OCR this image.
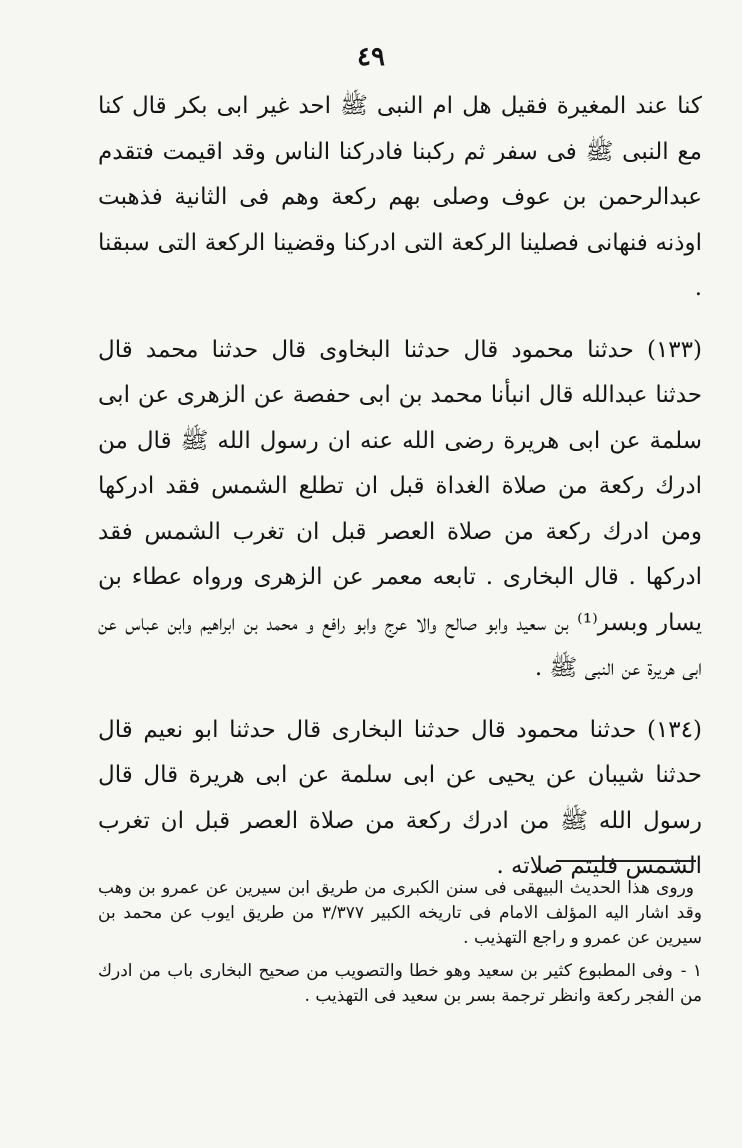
٤٩

كنا عند المغيرة فقيل هل ام النبى ﷺ احد غير ابى بكر قال كنا مع النبى ﷺ فى سفر ثم ركبنا فادركنا الناس وقد اقيمت فتقدم عبدالرحمن بن عوف وصلى بهم ركعة وهم فى الثانية فذهبت اوذنه فنهانى فصلينا الركعة التى ادركنا وقضينا الركعة التى سبقنا .

(١٣٣) حدثنا محمود قال حدثنا البخاوى قال حدثنا محمد قال حدثنا عبدالله قال انبأنا محمد بن ابى حفصة عن الزهرى عن ابى سلمة عن ابى هريرة رضى الله عنه ان رسول الله ﷺ قال من ادرك ركعة من صلاة الغداة قبل ان تطلع الشمس فقد ادركها ومن ادرك ركعة من صلاة العصر قبل ان تغرب الشمس فقد ادركها . قال البخارى . تابعه معمر عن الزهرى ورواه عطاء بن يسار وبسر⁽¹⁾ بن سعيد وابو صالح والا عرج وابو رافع و محمد بن ابراهيم وابن عباس عن ابى هريرة عن النبى ﷺ .

(١٣٤) حدثنا محمود قال حدثنا البخارى قال حدثنا ابو نعيم قال حدثنا شيبان عن يحيى عن ابى سلمة عن ابى هريرة قال قال رسول الله ﷺ من ادرك ركعة من صلاة العصر قبل ان تغرب الشمس فليتم صلاته .

وروى هذا الحديث البيهقى فى سنن الكبرى من طريق ابن سيرين عن عمرو بن وهب وقد اشار اليه المؤلف الامام فى تاريخه الكبير ٣/٣٧٧ من طريق ايوب عن محمد بن سيرين عن عمرو و راجع التهذيب .

١ -وفى المطبوع كثير بن سعيد وهو خطا والتصويب من صحيح البخارى باب من ادرك من الفجر ركعة وانظر ترجمة بسر بن سعيد فى التهذيب .
